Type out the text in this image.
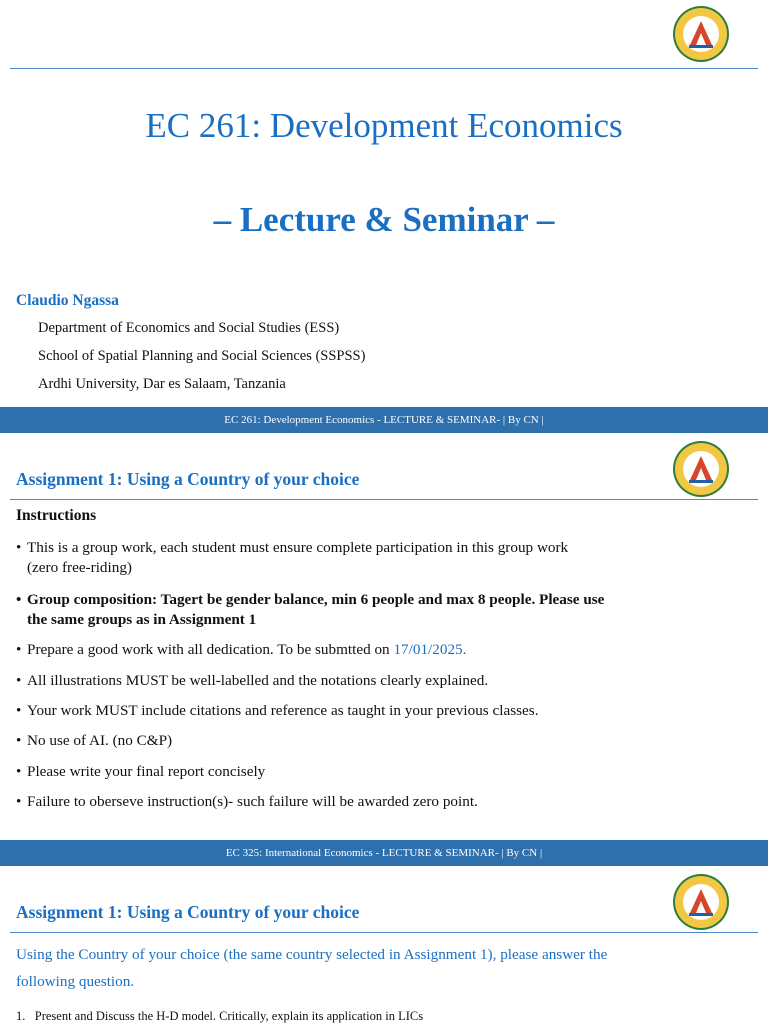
EC 261: Development Economics
– Lecture & Seminar –
Claudio Ngassa
Department of Economics and Social Studies (ESS)
School of Spatial Planning and Social Sciences (SSPSS)
Ardhi University, Dar es Salaam, Tanzania
EC 261: Development Economics - LECTURE & SEMINAR- | By CN |
Assignment 1: Using a Country of your choice
Instructions
• This is a group work, each student must ensure complete participation in this group work
(zero free-riding)
• Group composition: Tagert be gender balance, min 6 people and max 8 people. Please use
the same groups as in Assignment 1
• Prepare a good work with all dedication. To be submtted on 17/01/2025.
• All illustrations MUST be well-labelled and the notations clearly explained.
• Your work MUST include citations and reference as taught in your previous classes.
• No use of AI. (no C&P)
• Please write your final report concisely
• Failure to oberseve instruction(s)- such failure will be awarded zero point.
EC 325: International Economics - LECTURE & SEMINAR- | By CN |
Assignment 1: Using a Country of your choice
Using the Country of your choice (the same country selected in Assignment 1), please answer the
following question.
1. Present and Discuss the H-D model. Critically, explain its application in LICs
